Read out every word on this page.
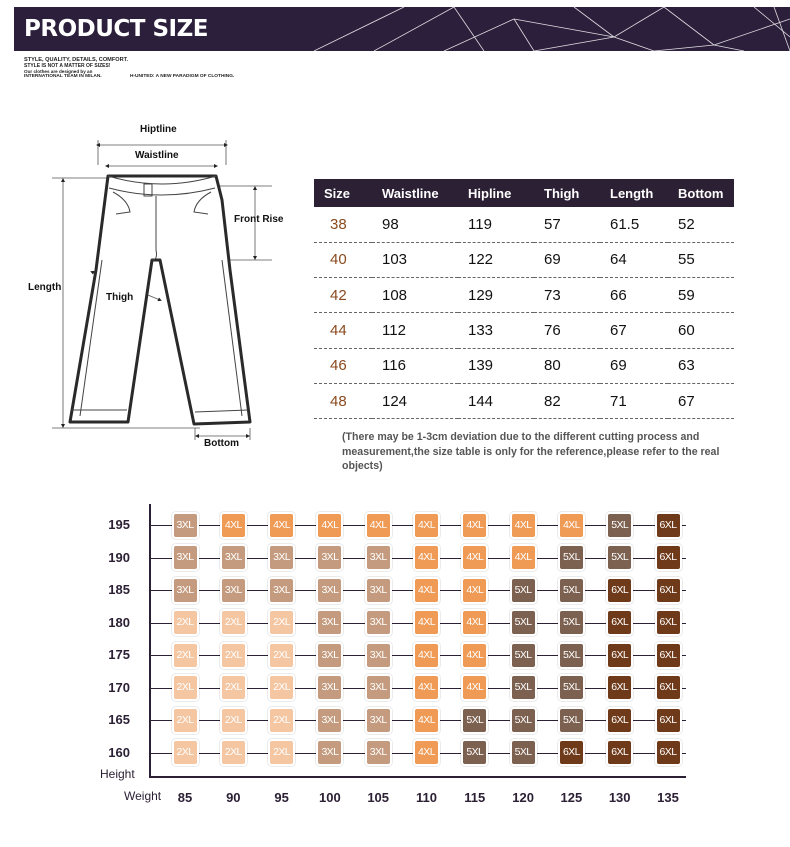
PRODUCT SIZE
STYLE, QUALITY, DETAILS, COMFORT.
STYLE IS NOT A MATTER OF SIZES!
Our clothes are designed by an
INTERNATIONAL TEAM IN MILAN.	H-UNITED: A NEW PARADIGM OF CLOTHING.
Hiptline
Waistline
Front Rise
Length
Thigh
Bottom
Size	Waistline	Hipline	Thigh	Length	Bottom
38	98	119	57	61.5	52
40	103	122	69	64	55
42	108	129	73	66	59
44	112	133	76	67	60
46	116	139	80	69	63
48	124	144	82	71	67
(There may be 1-3cm deviation due to the different cutting process and measurement,the size table is only for the reference,please refer to the real objects)
Height
Weight
195	3XL	4XL	4XL	4XL	4XL	4XL	4XL	4XL	4XL	5XL	6XL
190	3XL	3XL	3XL	3XL	3XL	4XL	4XL	4XL	5XL	5XL	6XL
185	3XL	3XL	3XL	3XL	3XL	4XL	4XL	5XL	5XL	6XL	6XL
180	2XL	2XL	2XL	3XL	3XL	4XL	4XL	5XL	5XL	6XL	6XL
175	2XL	2XL	2XL	3XL	3XL	4XL	4XL	5XL	5XL	6XL	6XL
170	2XL	2XL	2XL	3XL	3XL	4XL	4XL	5XL	5XL	6XL	6XL
165	2XL	2XL	2XL	3XL	3XL	4XL	5XL	5XL	5XL	6XL	6XL
160	2XL	2XL	2XL	3XL	3XL	4XL	5XL	5XL	6XL	6XL	6XL
85	90	95	100	105	110	115	120	125	130	135
